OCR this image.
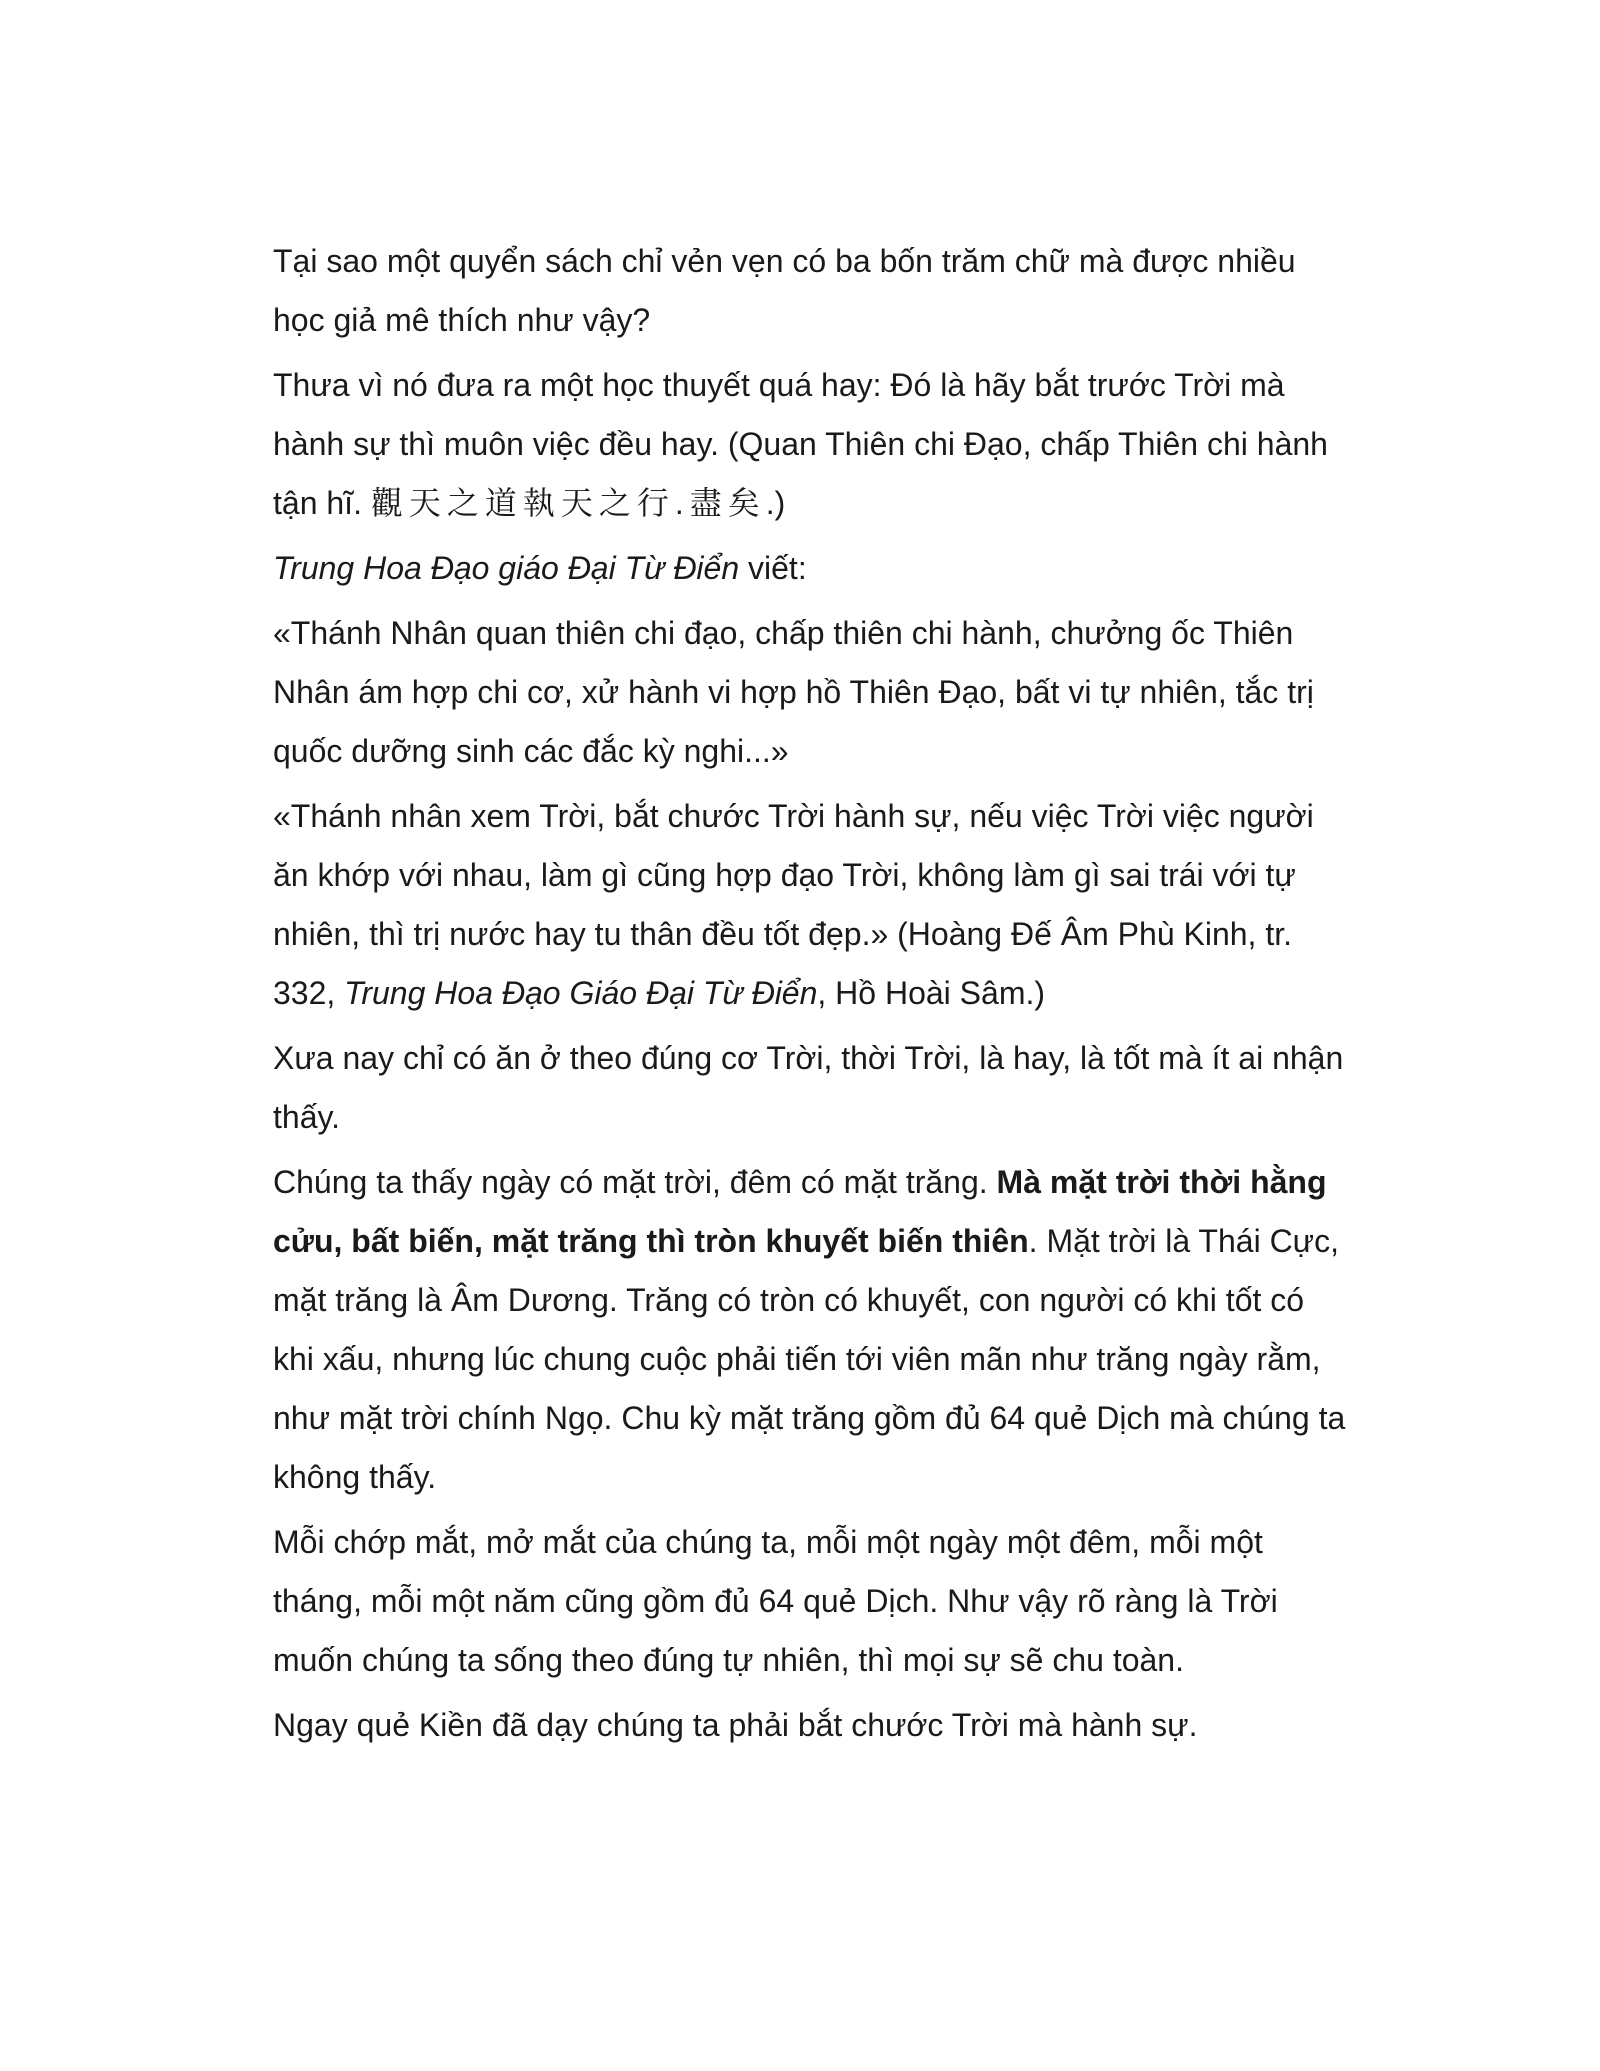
Tại sao một quyển sách chỉ vẻn vẹn có ba bốn trăm chữ mà được nhiều học giả mê thích như vậy?

Thưa vì nó đưa ra một học thuyết quá hay: Đó là hãy bắt trước Trời mà hành sự thì muôn việc đều hay. (Quan Thiên chi Đạo, chấp Thiên chi hành tận hĩ. 觀天之道執天之行.盡矣.)

Trung Hoa Đạo giáo Đại Từ Điển viết:

«Thánh Nhân quan thiên chi đạo, chấp thiên chi hành, chưởng ốc Thiên Nhân ám hợp chi cơ, xử hành vi hợp hồ Thiên Đạo, bất vi tự nhiên, tắc trị quốc dưỡng sinh các đắc kỳ nghi...»

«Thánh nhân xem Trời, bắt chước Trời hành sự, nếu việc Trời việc người ăn khớp với nhau, làm gì cũng hợp đạo Trời, không làm gì sai trái với tự nhiên, thì trị nước hay tu thân đều tốt đẹp.» (Hoàng Đế Âm Phù Kinh, tr. 332, Trung Hoa Đạo Giáo Đại Từ Điển, Hồ Hoài Sâm.)

Xưa nay chỉ có ăn ở theo đúng cơ Trời, thời Trời, là hay, là tốt mà ít ai nhận thấy.

Chúng ta thấy ngày có mặt trời, đêm có mặt trăng. Mà mặt trời thời hằng cửu, bất biến, mặt trăng thì tròn khuyết biến thiên. Mặt trời là Thái Cực, mặt trăng là Âm Dương. Trăng có tròn có khuyết, con người có khi tốt có khi xấu, nhưng lúc chung cuộc phải tiến tới viên mãn như trăng ngày rằm, như mặt trời chính Ngọ. Chu kỳ mặt trăng gồm đủ 64 quẻ Dịch mà chúng ta không thấy.

Mỗi chớp mắt, mở mắt của chúng ta, mỗi một ngày một đêm, mỗi một tháng, mỗi một năm cũng gồm đủ 64 quẻ Dịch. Như vậy rõ ràng là Trời muốn chúng ta sống theo đúng tự nhiên, thì mọi sự sẽ chu toàn.

Ngay quẻ Kiền đã dạy chúng ta phải bắt chước Trời mà hành sự.
